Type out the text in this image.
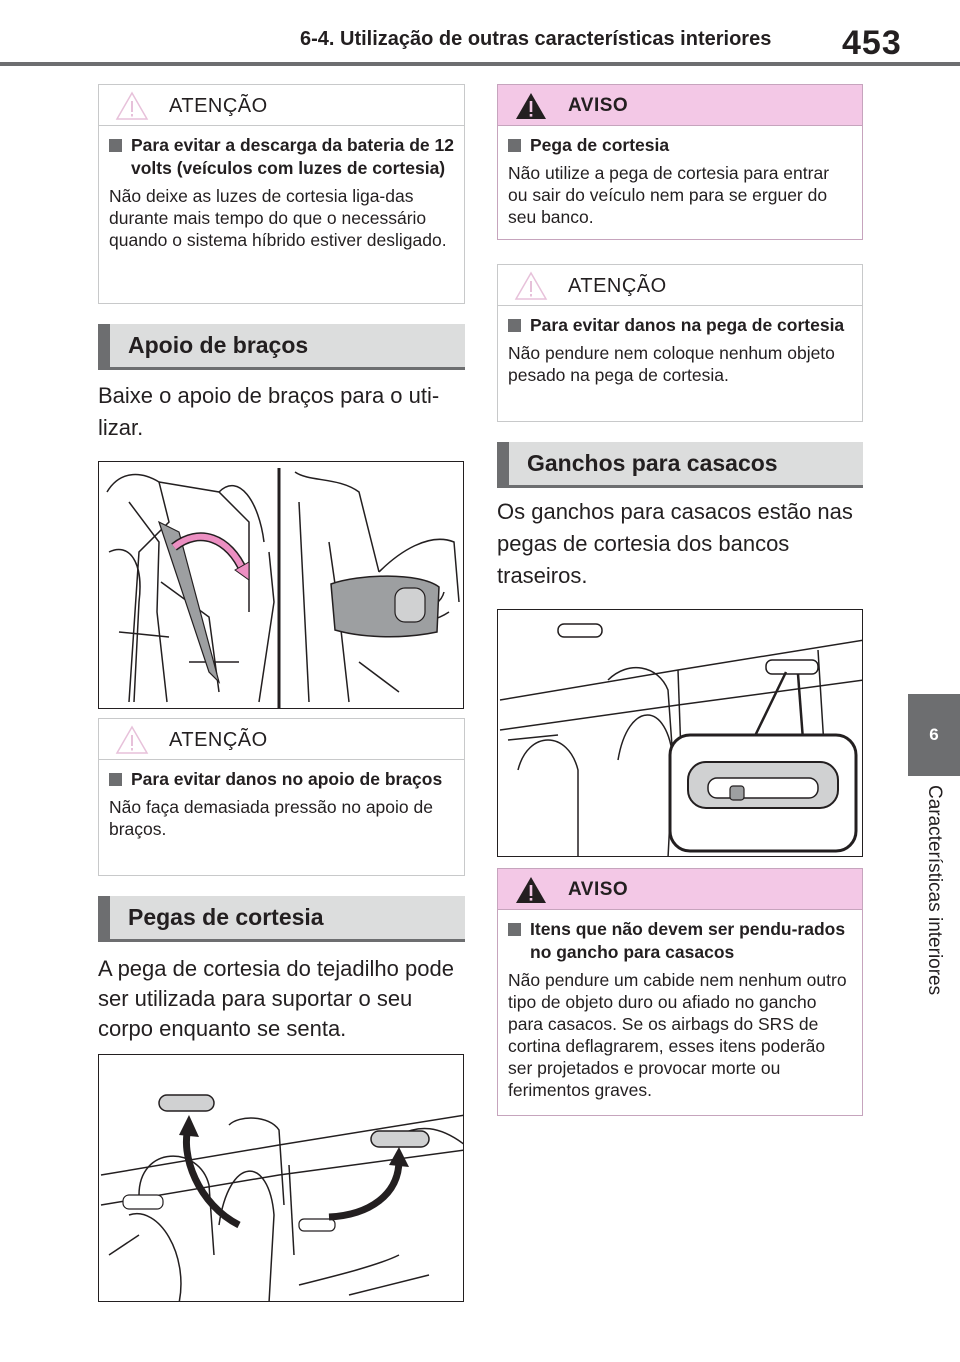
6-4. Utilização de outras características interiores 453
6
Características interiores
ATENÇÃO
Para evitar a descarga da bateria de 12 volts (veículos com luzes de cortesia)
Não deixe as luzes de cortesia liga-das durante mais tempo do que o necessário quando o sistema híbrido estiver desligado.
Apoio de braços
Baixe o apoio de braços para o uti-lizar.
ATENÇÃO
Para evitar danos no apoio de braços
Não faça demasiada pressão no apoio de braços.
Pegas de cortesia
A pega de cortesia do tejadilho pode ser utilizada para suportar o seu corpo enquanto se senta.
AVISO
Pega de cortesia
Não utilize a pega de cortesia para entrar ou sair do veículo nem para se erguer do seu banco.
ATENÇÃO
Para evitar danos na pega de cortesia
Não pendure nem coloque nenhum objeto pesado na pega de cortesia.
Ganchos para casacos
Os ganchos para casacos estão nas pegas de cortesia dos bancos traseiros.
AVISO
Itens que não devem ser pendu-rados no gancho para casacos
Não pendure um cabide nem nenhum outro tipo de objeto duro ou afiado no gancho para casacos. Se os airbags do SRS de cortina deflagrarem, esses itens poderão ser projetados e provocar morte ou ferimentos graves.
